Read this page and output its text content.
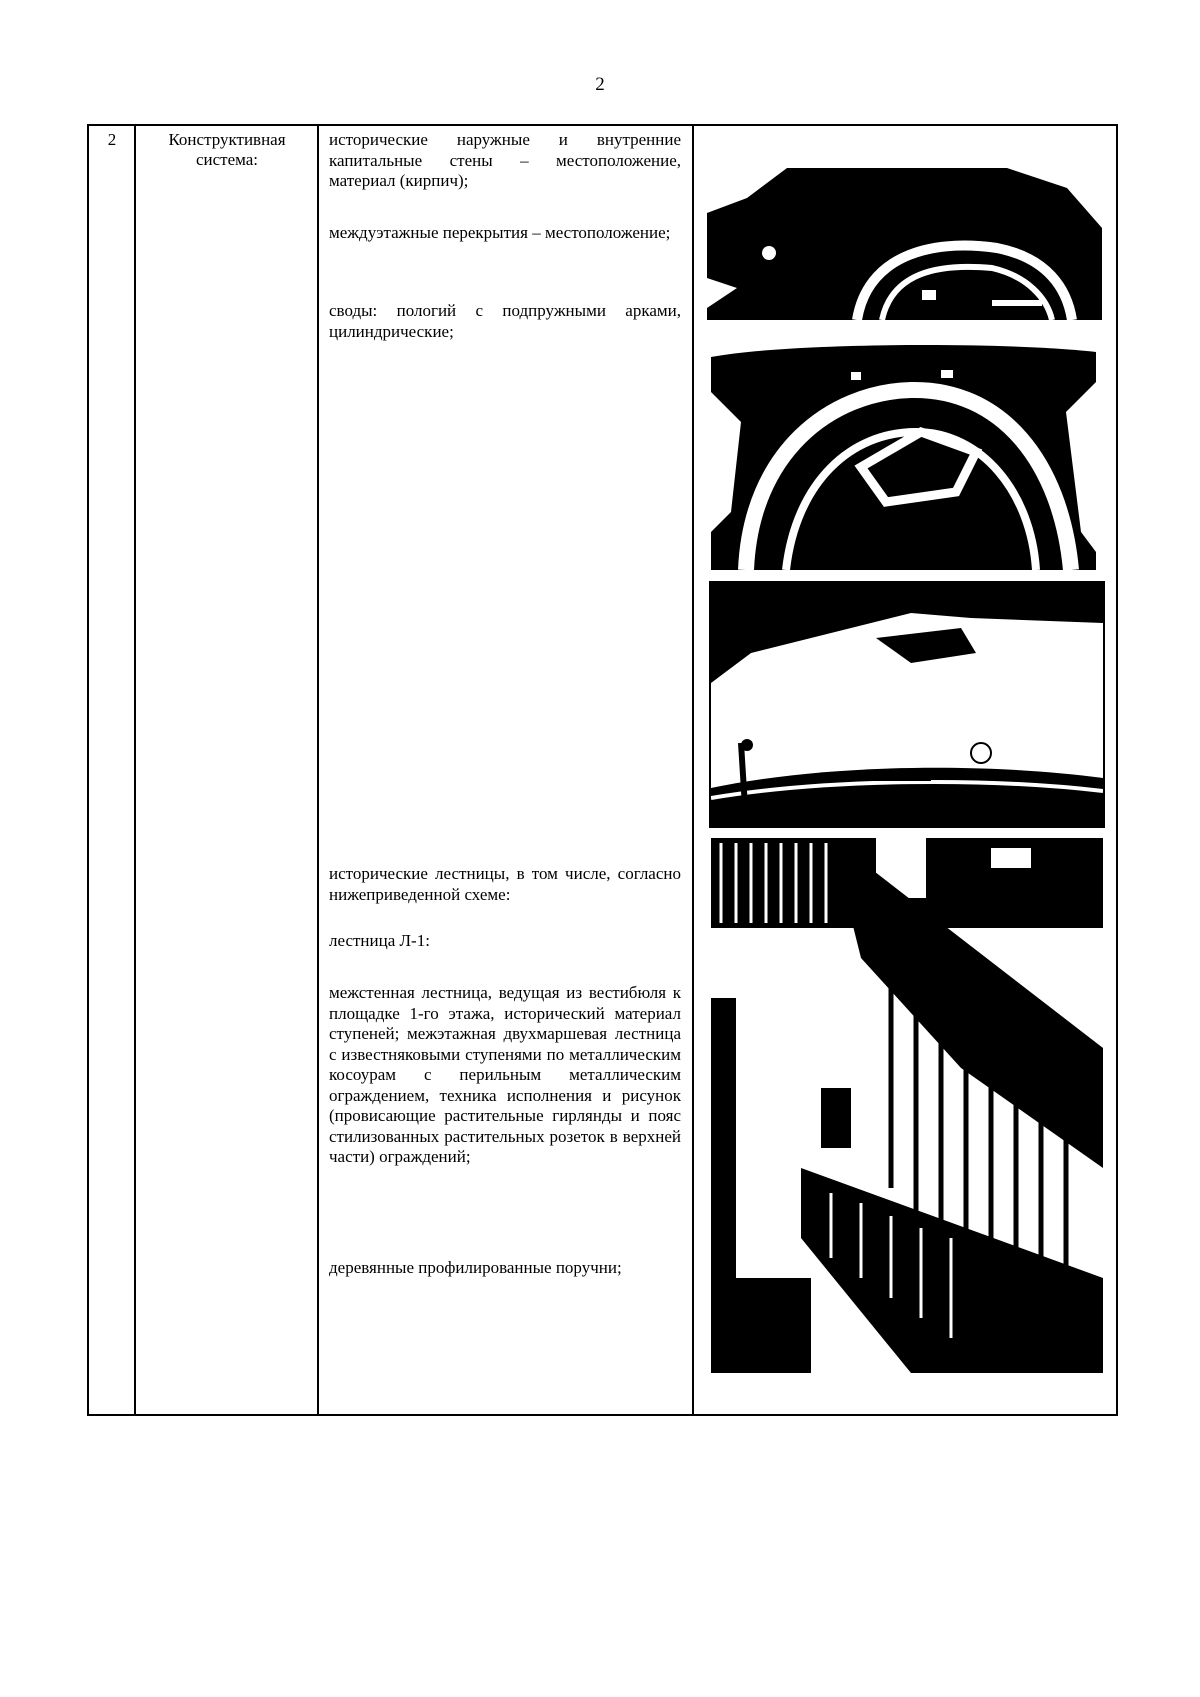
2
2	Конструктивная система:

исторические наружные и внутренние капитальные стены – местоположение, материал (кирпич);

междуэтажные перекрытия – местоположение;

своды: пологий с подпружными арками, цилиндрические;

исторические лестницы, в том числе, согласно нижеприведенной схеме:

лестница Л-1:

межстенная лестница, ведущая из вестибюля к площадке 1-го этажа, исторический материал ступеней; межэтажная двухмаршевая лестница с известняковыми ступенями по металлическим косоурам с перильным металлическим ограждением, техника исполнения и рисунок (провисающие растительные гирлянды и пояс стилизованных растительных розеток в верхней части) ограждений;

деревянные профилированные поручни;
